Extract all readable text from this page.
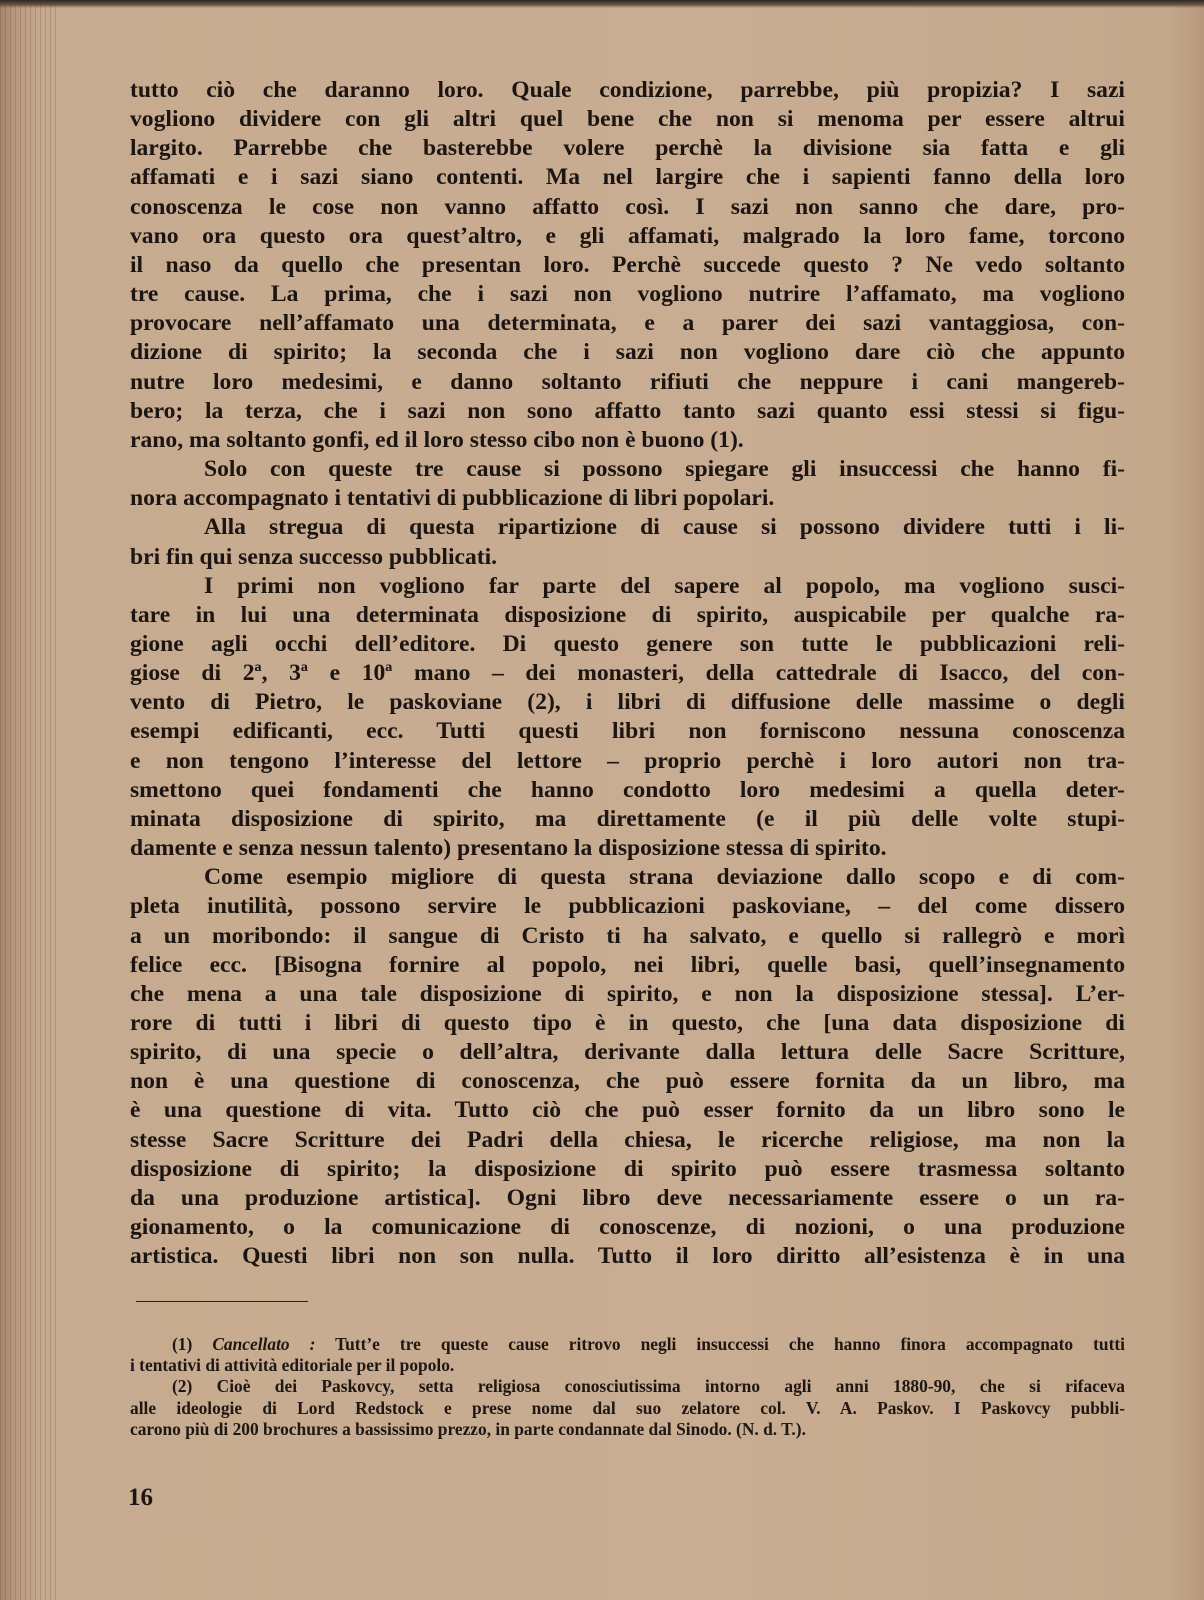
tutto ciò che daranno loro. Quale condizione, parrebbe, più propizia? I sazi
vogliono dividere con gli altri quel bene che non si menoma per essere altrui
largito. Parrebbe che basterebbe volere perchè la divisione sia fatta e gli
affamati e i sazi siano contenti. Ma nel largire che i sapienti fanno della loro
conoscenza le cose non vanno affatto così. I sazi non sanno che dare, pro-
vano ora questo ora quest’altro, e gli affamati, malgrado la loro fame, torcono
il naso da quello che presentan loro. Perchè succede questo ? Ne vedo soltanto
tre cause. La prima, che i sazi non vogliono nutrire l’affamato, ma vogliono
provocare nell’affamato una determinata, e a parer dei sazi vantaggiosa, con-
dizione di spirito; la seconda che i sazi non vogliono dare ciò che appunto
nutre loro medesimi, e danno soltanto rifiuti che neppure i cani mangereb-
bero; la terza, che i sazi non sono affatto tanto sazi quanto essi stessi si figu-
rano, ma soltanto gonfi, ed il loro stesso cibo non è buono (1).
Solo con queste tre cause si possono spiegare gli insuccessi che hanno fi-
nora accompagnato i tentativi di pubblicazione di libri popolari.
Alla stregua di questa ripartizione di cause si possono dividere tutti i li-
bri fin qui senza successo pubblicati.
I primi non vogliono far parte del sapere al popolo, ma vogliono susci-
tare in lui una determinata disposizione di spirito, auspicabile per qualche ra-
gione agli occhi dell’editore. Di questo genere son tutte le pubblicazioni reli-
giose di 2ª, 3ª e 10ª mano – dei monasteri, della cattedrale di Isacco, del con-
vento di Pietro, le paskoviane (2), i libri di diffusione delle massime o degli
esempi edificanti, ecc. Tutti questi libri non forniscono nessuna conoscenza
e non tengono l’interesse del lettore – proprio perchè i loro autori non tra-
smettono quei fondamenti che hanno condotto loro medesimi a quella deter-
minata disposizione di spirito, ma direttamente (e il più delle volte stupi-
damente e senza nessun talento) presentano la disposizione stessa di spirito.
Come esempio migliore di questa strana deviazione dallo scopo e di com-
pleta inutilità, possono servire le pubblicazioni paskoviane, – del come dissero
a un moribondo: il sangue di Cristo ti ha salvato, e quello si rallegrò e morì
felice ecc. [Bisogna fornire al popolo, nei libri, quelle basi, quell’insegnamento
che mena a una tale disposizione di spirito, e non la disposizione stessa]. L’er-
rore di tutti i libri di questo tipo è in questo, che [una data disposizione di
spirito, di una specie o dell’altra, derivante dalla lettura delle Sacre Scritture,
non è una questione di conoscenza, che può essere fornita da un libro, ma
è una questione di vita. Tutto ciò che può esser fornito da un libro sono le
stesse Sacre Scritture dei Padri della chiesa, le ricerche religiose, ma non la
disposizione di spirito; la disposizione di spirito può essere trasmessa soltanto
da una produzione artistica]. Ogni libro deve necessariamente essere o un ra-
gionamento, o la comunicazione di conoscenze, di nozioni, o una produzione
artistica. Questi libri non son nulla. Tutto il loro diritto all’esistenza è in una
(1) Cancellato : Tutt’e tre queste cause ritrovo negli insuccessi che hanno finora accompagnato tutti
i tentativi di attività editoriale per il popolo.
(2) Cioè dei Paskovcy, setta religiosa conosciutissima intorno agli anni 1880-90, che si rifaceva
alle ideologie di Lord Redstock e prese nome dal suo zelatore col. V. A. Paskov. I Paskovcy pubbli-
carono più di 200 brochures a bassissimo prezzo, in parte condannate dal Sinodo. (N. d. T.).
16
